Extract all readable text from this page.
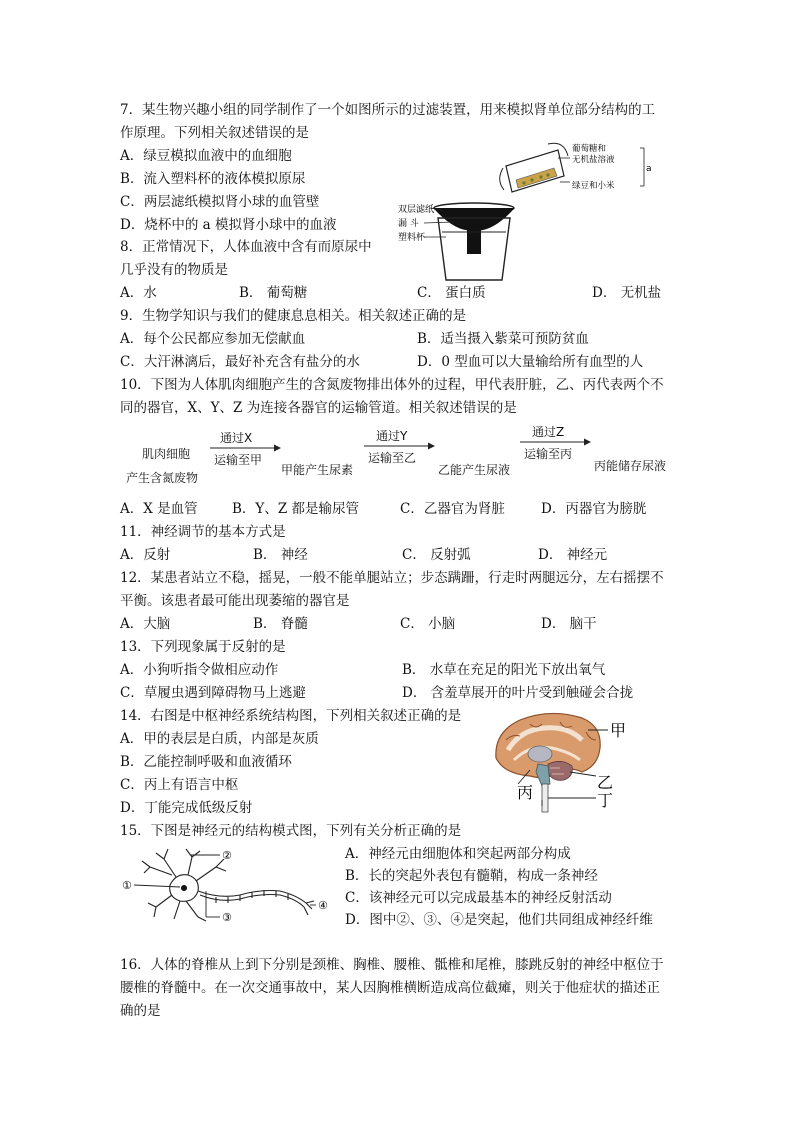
7．某生物兴趣小组的同学制作了一个如图所示的过滤装置，用来模拟肾单位部分结构的工
作原理。下列相关叙述错误的是
A．绿豆模拟血液中的血细胞
B．流入塑料杯的液体模拟原尿
C．两层滤纸模拟肾小球的血管壁
D．烧杯中的 a 模拟肾小球中的血液
葡萄糖和
无机盐溶液
绿豆和小米
a
双层滤纸
漏 斗
塑料杯
8．正常情况下，人体血液中含有而原尿中
几乎没有的物质是
A．水	B． 葡萄糖	C． 蛋白质	D． 无机盐
9．生物学知识与我们的健康息息相关。相关叙述正确的是
A．每个公民都应参加无偿献血	B．适当摄入紫菜可预防贫血
C．大汗淋漓后，最好补充含有盐分的水	D．0 型血可以大量输给所有血型的人
10．下图为人体肌肉细胞产生的含氮废物排出体外的过程，甲代表肝脏，乙、丙代表两个不
同的器官，X、Y、Z 为连接各器官的运输管道。相关叙述错误的是
肌肉细胞
产生含氮废物
通过X
运输至甲
甲能产生尿素
通过Y
运输至乙
乙能产生尿液
通过Z
运输至丙
丙能储存尿液
A．X 是血管	B．Y、Z 都是输尿管	C．乙器官为肾脏	D．丙器官为膀胱
11．神经调节的基本方式是
A．反射	B． 神经	C． 反射弧	D． 神经元
12．某患者站立不稳，摇晃，一般不能单腿站立；步态蹒跚，行走时两腿远分，左右摇摆不
平衡。该患者最可能出现萎缩的器官是
A．大脑	B． 脊髓	C． 小脑	D． 脑干
13．下列现象属于反射的是
A．小狗听指令做相应动作	B． 水草在充足的阳光下放出氧气
C．草履虫遇到障碍物马上逃避	D． 含羞草展开的叶片受到触碰会合拢
14．右图是中枢神经系统结构图，下列相关叙述正确的是
A．甲的表层是白质，内部是灰质
B．乙能控制呼吸和血液循环
C．丙上有语言中枢
D．丁能完成低级反射
甲
乙
丙	丁
15．下图是神经元的结构模式图，下列有关分析正确的是
A．神经元由细胞体和突起两部分构成
B．长的突起外表包有髓鞘，构成一条神经
C．该神经元可以完成最基本的神经反射活动
D．图中②、③、④是突起，他们共同组成神经纤维
①
②
③
④
16．人体的脊椎从上到下分别是颈椎、胸椎、腰椎、骶椎和尾椎，膝跳反射的神经中枢位于
腰椎的脊髓中。在一次交通事故中，某人因胸椎横断造成高位截瘫，则关于他症状的描述正
确的是
